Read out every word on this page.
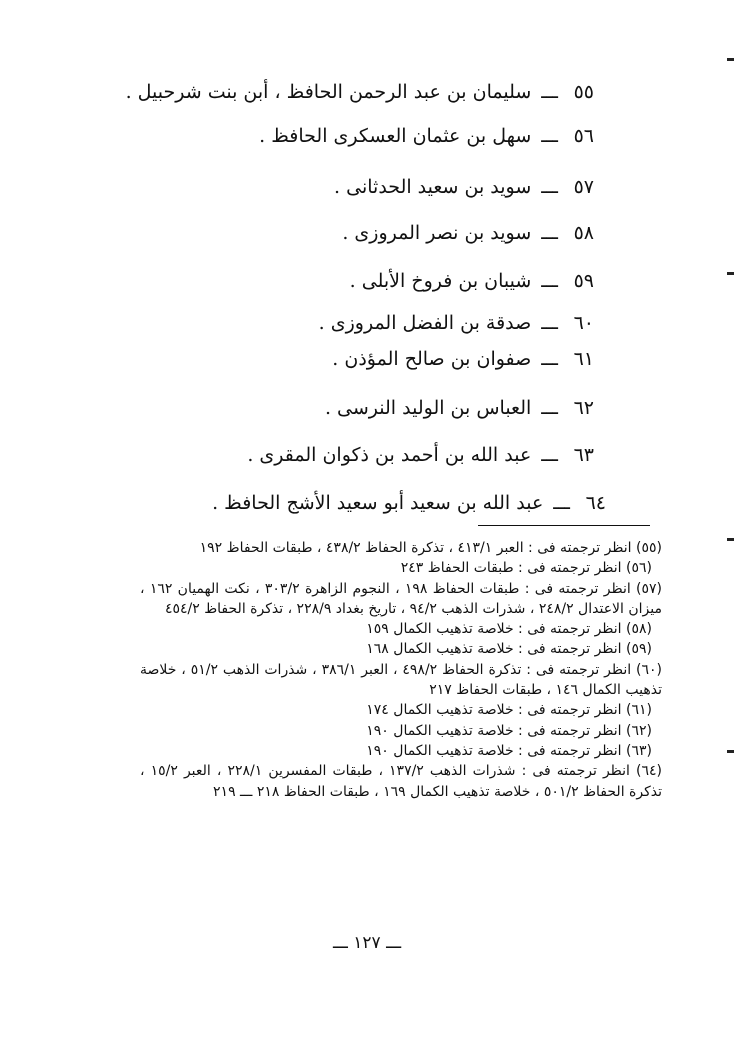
٥٥ـــسليمان بن عبد الرحمن الحافظ ، أبن بنت شرحبيل .
٥٦ـــسهل بن عثمان العسكرى الحافظ .
٥٧ـــسويد بن سعيد الحدثانى .
٥٨ـــسويد بن نصر المروزى .
٥٩ـــشيبان بن فروخ الأبلى .
٦٠ـــصدقة بن الفضل المروزى .
٦١ـــصفوان بن صالح المؤذن .
٦٢ـــالعباس بن الوليد النرسى .
٦٣ـــعبد الله بن أحمد بن ذكوان المقرى .
٦٤ـــعبد الله بن سعيد أبو سعيد الأشج الحافظ .

(٥٥) انظر ترجمته فى : العبر ٤١٣/١ ، تذكرة الحفاظ ٤٣٨/٢ ، طبقات الحفاظ ١٩٢

(٥٦) انظر ترجمته فى : طبقات الحفاظ ٢٤٣

(٥٧) انظر ترجمته فى : طبقات الحفاظ ١٩٨ ، النجوم الزاهرة ٣٠٣/٢ ، نكت الهميان ١٦٢ ، ميزان الاعتدال ٢٤٨/٢ ، شذرات الذهب ٩٤/٢ ، تاريخ بغداد ٢٢٨/٩ ، تذكرة الحفاظ ٤٥٤/٢

(٥٨) انظر ترجمته فى : خلاصة تذهيب الكمال ١٥٩

(٥٩) انظر ترجمته فى : خلاصة تذهيب الكمال ١٦٨

(٦٠) انظر ترجمته فى : تذكرة الحفاظ ٤٩٨/٢ ، العبر ٣٨٦/١ ، شذرات الذهب ٥١/٢ ، خلاصة تذهيب الكمال ١٤٦ ، طبقات الحفاظ ٢١٧

(٦١) انظر ترجمته فى : خلاصة تذهيب الكمال ١٧٤

(٦٢) انظر ترجمته فى : خلاصة تذهيب الكمال ١٩٠

(٦٣) انظر ترجمته فى : خلاصة تذهيب الكمال ١٩٠

(٦٤) انظر ترجمته فى : شذرات الذهب ١٣٧/٢ ، طبقات المفسرين ٢٢٨/١ ، العبر ١٥/٢ ، تذكرة الحفاظ ٥٠١/٢ ، خلاصة تذهيب الكمال ١٦٩ ، طبقات الحفاظ ٢١٨ ـــ ٢١٩

ـــ ١٢٧ ـــ
